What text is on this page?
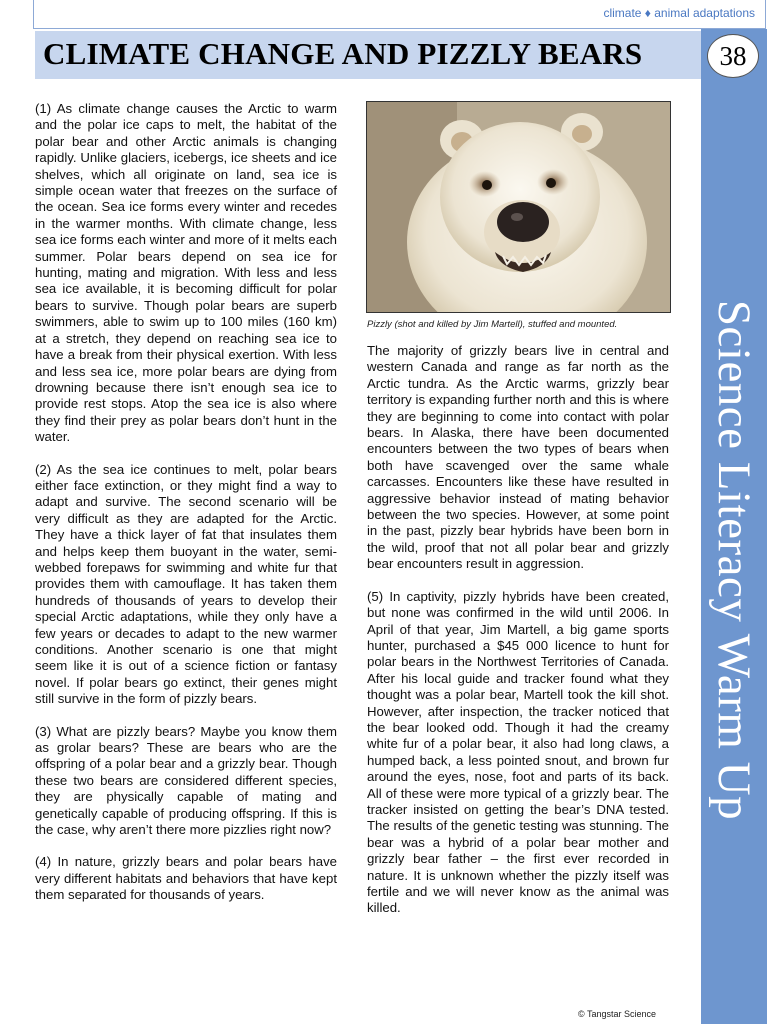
climate ♦ animal adaptations
CLIMATE CHANGE AND PIZZLY BEARS	38
Science Literacy Warm Up

(1) As climate change causes the Arctic to warm and the polar ice caps to melt, the habitat of the polar bear and other Arctic animals is changing rapidly. Unlike glaciers, icebergs, ice sheets and ice shelves, which all originate on land, sea ice is simple ocean water that freezes on the surface of the ocean. Sea ice forms every winter and recedes in the warmer months. With climate change, less sea ice forms each winter and more of it melts each summer. Polar bears depend on sea ice for hunting, mating and migration. With less and less sea ice available, it is becoming difficult for polar bears to survive. Though polar bears are superb swimmers, able to swim up to 100 miles (160 km) at a stretch, they depend on reaching sea ice to have a break from their physical exertion. With less and less sea ice, more polar bears are dying from drowning because there isn’t enough sea ice to provide rest stops. Atop the sea ice is also where they find their prey as polar bears don’t hunt in the water.

(2) As the sea ice continues to melt, polar bears either face extinction, or they might find a way to adapt and survive. The second scenario will be very difficult as they are adapted for the Arctic. They have a thick layer of fat that insulates them and helps keep them buoyant in the water, semi-webbed forepaws for swimming and white fur that provides them with camouflage. It has taken them hundreds of thousands of years to develop their special Arctic adaptations, while they only have a few years or decades to adapt to the new warmer conditions. Another scenario is one that might seem like it is out of a science fiction or fantasy novel. If polar bears go extinct, their genes might still survive in the form of pizzly bears.

(3) What are pizzly bears? Maybe you know them as grolar bears? These are bears who are the offspring of a polar bear and a grizzly bear. Though these two bears are considered different species, they are physically capable of mating and genetically capable of producing offspring. If this is the case, why aren’t there more pizzlies right now?

(4) In nature, grizzly bears and polar bears have very different habitats and behaviors that have kept them separated for thousands of years.

Pizzly (shot and killed by Jim Martell), stuffed and mounted.

The majority of grizzly bears live in central and western Canada and range as far north as the Arctic tundra. As the Arctic warms, grizzly bear territory is expanding further north and this is where they are beginning to come into contact with polar bears. In Alaska, there have been documented encounters between the two types of bears when both have scavenged over the same whale carcasses. Encounters like these have resulted in aggressive behavior instead of mating behavior between the two species. However, at some point in the past, pizzly bear hybrids have been born in the wild, proof that not all polar bear and grizzly bear encounters result in aggression.

(5) In captivity, pizzly hybrids have been created, but none was confirmed in the wild until 2006. In April of that year, Jim Martell, a big game sports hunter, purchased a $45 000 licence to hunt for polar bears in the Northwest Territories of Canada. After his local guide and tracker found what they thought was a polar bear, Martell took the kill shot. However, after inspection, the tracker noticed that the bear looked odd. Though it had the creamy white fur of a polar bear, it also had long claws, a humped back, a less pointed snout, and brown fur around the eyes, nose, foot and parts of its back. All of these were more typical of a grizzly bear. The tracker insisted on getting the bear’s DNA tested. The results of the genetic testing was stunning. The bear was a hybrid of a polar bear mother and grizzly bear father – the first ever recorded in nature. It is unknown whether the pizzly itself was fertile and we will never know as the animal was killed.

© Tangstar Science
